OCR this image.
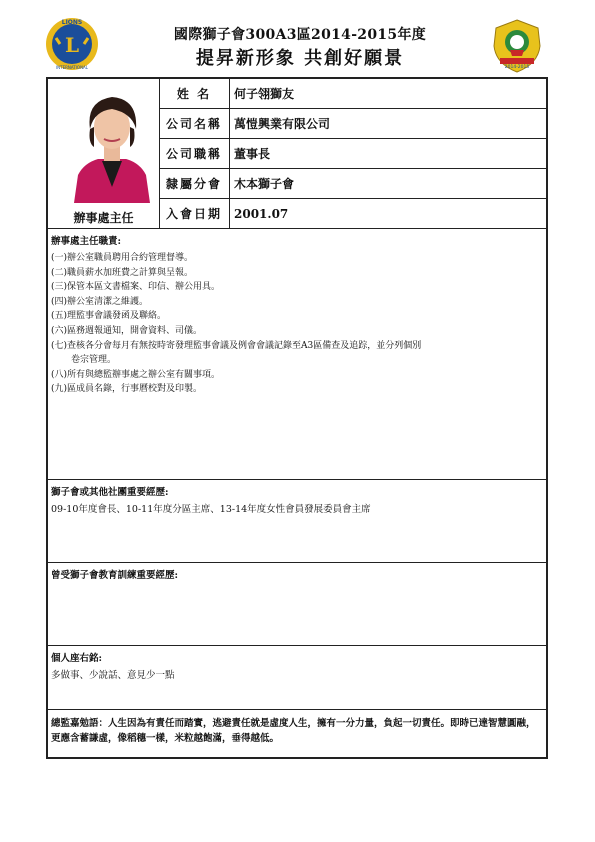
國際獅子會300A3區2014-2015年度
提昇新形象 共創好願景
L
LIONS
INTERNATIONAL	2014-2015
辦事處主任
姓 名	何子翎獅友
公司名稱	萬愷興業有限公司
公司職稱	董事長
隸屬分會	木本獅子會
入會日期	2001.07
辦事處主任職責:
(一)辦公室職員聘用合約管理督導。
(二)職員薪水加班費之計算與呈報。
(三)保管本區文書檔案、印信、辦公用具。
(四)辦公室清潔之維護。
(五)理監事會議發函及聯絡。
(六)區務週報通知，開會資料、司儀。
(七)查核各分會每月有無按時寄發理監事會議及例會會議記錄至A3區備查及追踪，並分列個別
卷宗管理。
(八)所有與總監辦事處之辦公室有關事項。
(九)區成員名錄，行事曆校對及印製。
獅子會或其他社團重要經歷:
09-10年度會長、10-11年度分區主席、13-14年度女性會員發展委員會主席
曾受獅子會教育訓練重要經歷:
個人座右銘:
多做事、少說話、意見少一點
總監嘉勉語：人生因為有責任而踏實，逃避責任就是虛度人生，擁有一分力量，負起一切責任。即時已達智慧圓融，更應含蓄謙虛，像稻穗一樣，米粒越飽滿，垂得越低。
